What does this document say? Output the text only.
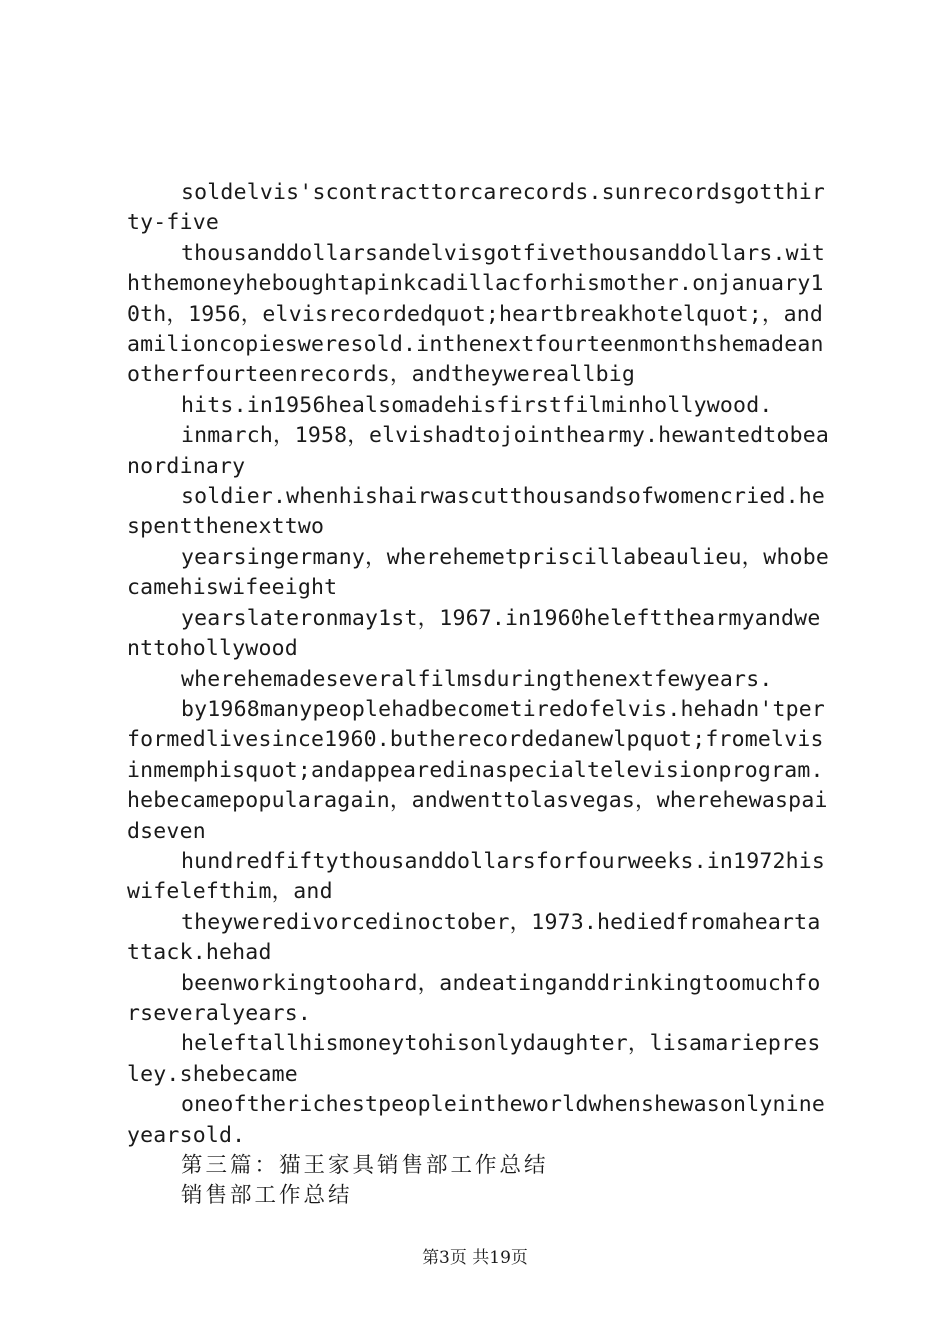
soldelvis'scontracttorcarecords.sunrecordsgotthirty-five

thousanddollarsandelvisgotfivethousanddollars.withthemoneyheboughtapinkcadillacforhismother.onjanuary10th，1956，elvisrecordedquot;heartbreakhotelquot;，andamilioncopiesweresold.inthenextfourteenmonthshemadeanotherfourteenrecords，andtheywereallbig

hits.in1956healsomadehisfirstfilminhollywood.

inmarch，1958，elvishadtojointhearmy.hewantedtobeanordinary

soldier.whenhishairwascutthousandsofwomencried.hespentthenexttwo

yearsingermany，wherehemetpriscillabeaulieu，whobecamehiswifeeight

yearslateronmay1st，1967.in1960heleftthearmyandwenttohollywood

wherehemadeseveralfilmsduringthenextfewyears.

by1968manypeoplehadbecometiredofelvis.hehadn'tperformedlivesince1960.butherecordedanewlpquot;fromelvisinmemphisquot;andappearedinaspecialtelevisionprogram.hebecamepopularagain，andwenttolasvegas，wherehewaspaidseven

hundredfiftythousanddollarsforfourweeks.in1972hiswifelefthim，and

theyweredivorcedinoctober，1973.hediedfromaheartattack.hehad

beenworkingtoohard，andeatinganddrinkingtoomuchforseveralyears.

heleftallhismoneytohisonlydaughter，lisamariepresley.shebecame

oneoftherichestpeopleintheworldwhenshewasonlynineyearsold.

第三篇：猫王家具销售部工作总结

销售部工作总结

第3页 共19页
